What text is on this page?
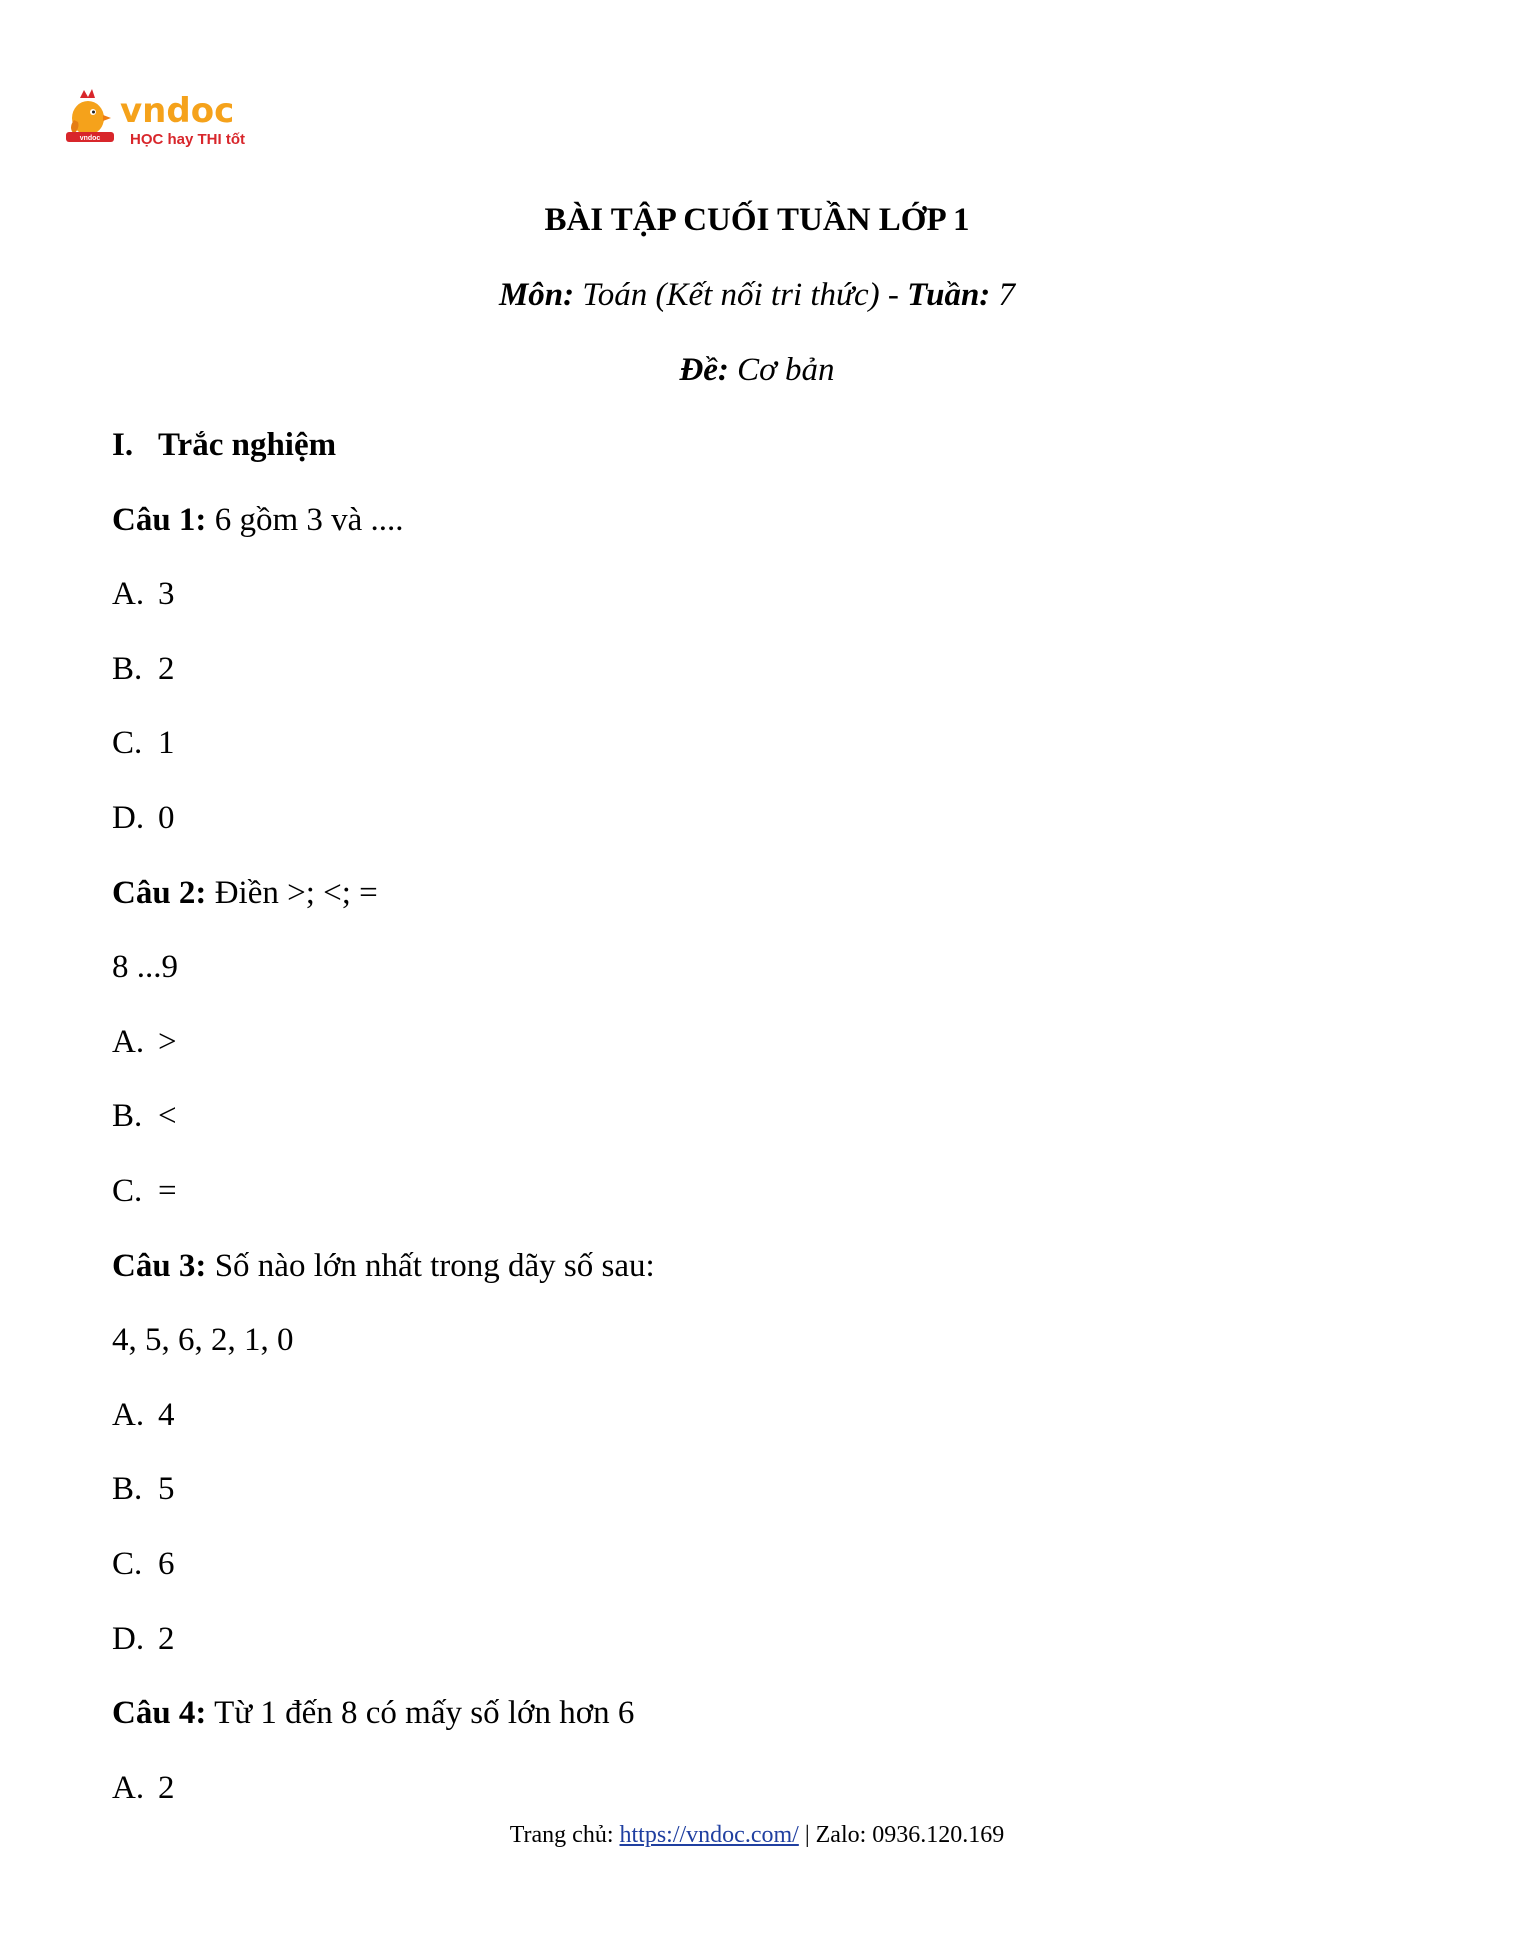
vndoc
vndoc
HỌC hay THI tốt
BÀI TẬP CUỐI TUẦN LỚP 1
Môn: Toán (Kết nối tri thức) - Tuần: 7
Đề: Cơ bản
I. Trắc nghiệm
Câu 1: 6 gồm 3 và ....
A. 3
B. 2
C. 1
D. 0
Câu 2: Điền >; <; =
8 ...9
A. >
B. <
C. =
Câu 3: Số nào lớn nhất trong dãy số sau:
4, 5, 6, 2, 1, 0
A. 4
B. 5
C. 6
D. 2
Câu 4: Từ 1 đến 8 có mấy số lớn hơn 6
A. 2
Trang chủ: https://vndoc.com/ | Zalo: 0936.120.169
